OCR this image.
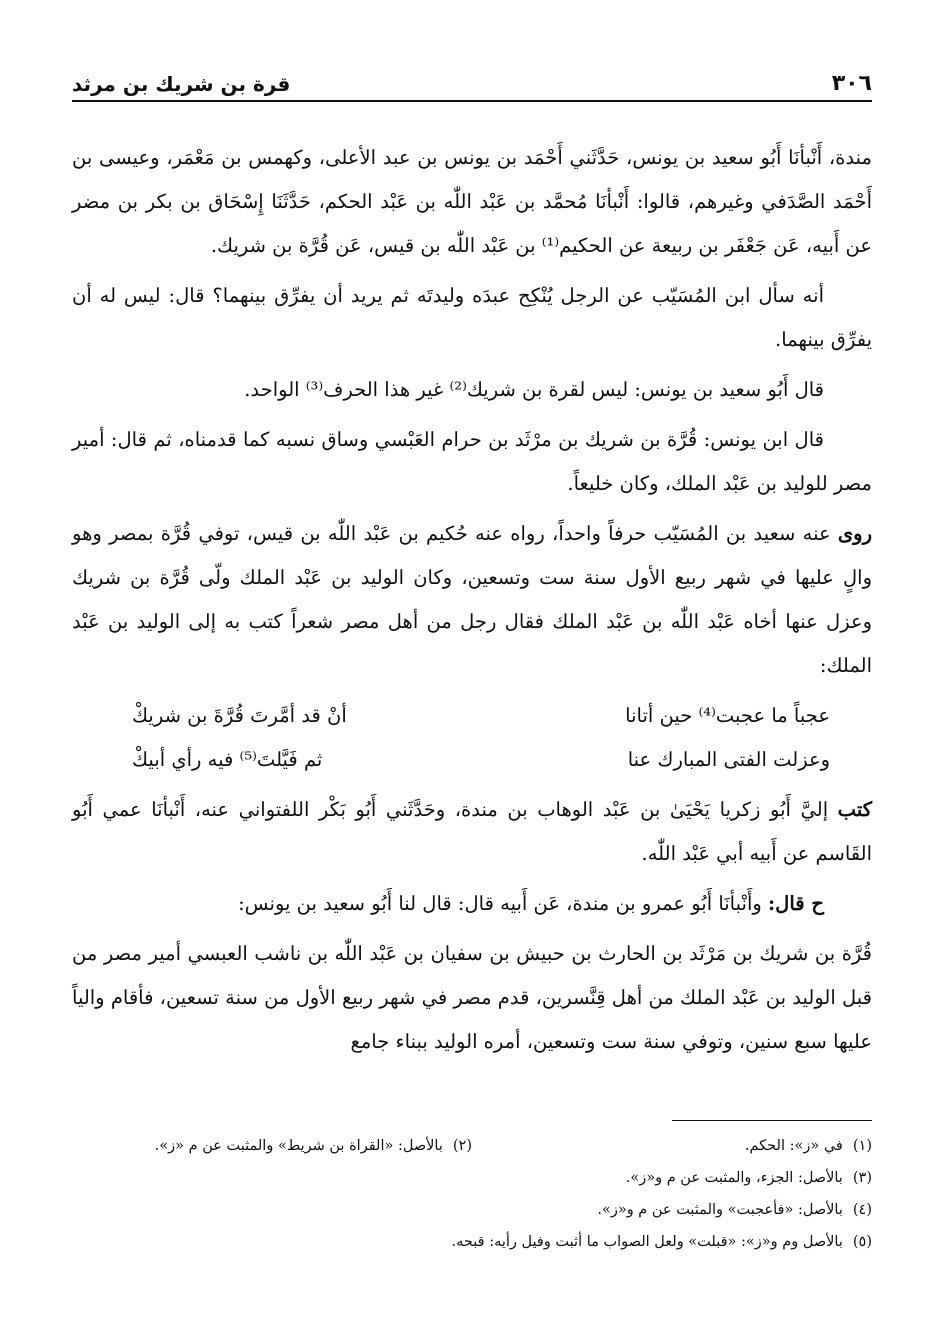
٣٠٦
قرة بن شريك بن مرثد

مندة، أَنْبأنَا أَبُو سعيد بن يونس، حَدَّثَني أَحْمَد بن يونس بن عبد الأعلى، وكهمس بن مَعْمَر، وعيسى بن أَحْمَد الصَّدَفي وغيرهم، قالوا: أَنْبأنَا مُحمَّد بن عَبْد اللّٰه بن عَبْد الحكم، حَدَّثَنَا إِسْحَاق بن بكر بن مضر عن أَبيه، عَن جَعْفَر بن ربيعة عن الحكيم⁽¹⁾ بن عَبْد اللّٰه بن قيس، عَن قُرَّة بن شريك.

أنه سأل ابن المُسَيّب عن الرجل يُنْكِح عبدَه وليدتَه ثم يريد أن يفرِّق بينهما؟ قال: ليس له أن يفرِّق بينهما.

قال أَبُو سعيد بن يونس: ليس لقرة بن شريك⁽²⁾ غير هذا الحرف⁽³⁾ الواحد.

قال ابن يونس: قُرَّة بن شريك بن مرْثَد بن حرام العَبْسي وساق نسبه كما قدمناه، ثم قال: أمير مصر للوليد بن عَبْد الملك، وكان خليعاً.

روى عنه سعيد بن المُسَيّب حرفاً واحداً، رواه عنه حُكيم بن عَبْد اللّٰه بن قيس، توفي قُرَّة بمصر وهو والٍ عليها في شهر ربيع الأول سنة ست وتسعين، وكان الوليد بن عَبْد الملك ولّى قُرَّة بن شريك وعزل عنها أخاه عَبْد اللّٰه بن عَبْد الملك فقال رجل من أهل مصر شعراً كتب به إلى الوليد بن عَبْد الملك:

عجباً ما عجبت⁽⁴⁾ حين أتانا
أنْ قد أمَّرتَ قُرَّةَ بن شريكْ
وعزلت الفتى المبارك عنا
ثم فَيَّلتَ⁽⁵⁾ فيه رأي أبيكْ

كتب إليَّ أَبُو زكريا يَحْيَىٰ بن عَبْد الوهاب بن مندة، وحَدَّثَني أَبُو بَكْر اللفتواني عنه، أَنْبأنَا عمي أَبُو القَاسم عن أَبيه أبي عَبْد اللّٰه.

ح قال: وأَنْبأنَا أَبُو عمرو بن مندة، عَن أَبيه قال: قال لنا أَبُو سعيد بن يونس:

قُرَّة بن شريك بن مَرْثَد بن الحارث بن حبيش بن سفيان بن عَبْد اللّٰه بن ناشب العبسي أمير مصر من قبل الوليد بن عَبْد الملك من أهل قِنَّسرين، قدم مصر في شهر ربيع الأول من سنة تسعين، فأقام والياً عليها سبع سنين، وتوفي سنة ست وتسعين، أمره الوليد ببناء جامع

(١)في «ز»: الحكم.
(٢)بالأصل: «القراة بن شريط» والمثبت عن م «ز».
(٣)بالأصل: الجزء، والمثبت عن م و«ز».
(٤)بالأصل: «فأعجبت» والمثبت عن م و«ز».
(٥)بالأصل وم و«ز»: «قبلت» ولعل الصواب ما أثبت وفيل رأيه: قبحه.
